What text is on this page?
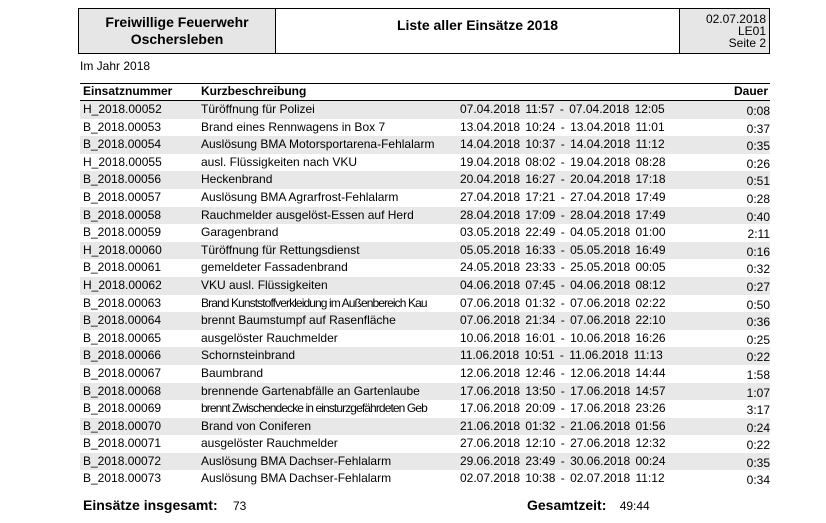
Freiwillige Feuerwehr
Oschersleben
Liste aller Einsätze 2018	02.07.2018
LE01
Seite 2
Im Jahr 2018
Einsatznummer Kurzbeschreibung	Dauer
H_2018.00052	Türöffnung für Polizei	07.04.2018 11:57 - 07.04.2018 12:05	0:08
B_2018.00053	Brand eines Rennwagens in Box 7	13.04.2018 10:24 - 13.04.2018 11:01	0:37
B_2018.00054	Auslösung BMA Motorsportarena-Fehlalarm	14.04.2018 10:37 - 14.04.2018 11:12	0:35
H_2018.00055	ausl. Flüssigkeiten nach VKU	19.04.2018 08:02 - 19.04.2018 08:28	0:26
B_2018.00056	Heckenbrand	20.04.2018 16:27 - 20.04.2018 17:18	0:51
B_2018.00057	Auslösung BMA Agrarfrost-Fehlalarm	27.04.2018 17:21 - 27.04.2018 17:49	0:28
B_2018.00058	Rauchmelder ausgelöst-Essen auf Herd	28.04.2018 17:09 - 28.04.2018 17:49	0:40
B_2018.00059	Garagenbrand	03.05.2018 22:49 - 04.05.2018 01:00	2:11
H_2018.00060	Türöffnung für Rettungsdienst	05.05.2018 16:33 - 05.05.2018 16:49	0:16
B_2018.00061	gemeldeter Fassadenbrand	24.05.2018 23:33 - 25.05.2018 00:05	0:32
H_2018.00062	VKU ausl. Flüssigkeiten	04.06.2018 07:45 - 04.06.2018 08:12	0:27
B_2018.00063	Brand Kunststoffverkleidung im Außenbereich Kau	07.06.2018 01:32 - 07.06.2018 02:22	0:50
B_2018.00064	brennt Baumstumpf auf Rasenfläche	07.06.2018 21:34 - 07.06.2018 22:10	0:36
B_2018.00065	ausgelöster Rauchmelder	10.06.2018 16:01 - 10.06.2018 16:26	0:25
B_2018.00066	Schornsteinbrand	11.06.2018 10:51 - 11.06.2018 11:13	0:22
B_2018.00067	Baumbrand	12.06.2018 12:46 - 12.06.2018 14:44	1:58
B_2018.00068	brennende Gartenabfälle an Gartenlaube	17.06.2018 13:50 - 17.06.2018 14:57	1:07
B_2018.00069	brennt Zwischendecke in einsturzgefährdeten Geb	17.06.2018 20:09 - 17.06.2018 23:26	3:17
B_2018.00070	Brand von Coniferen	21.06.2018 01:32 - 21.06.2018 01:56	0:24
B_2018.00071	ausgelöster Rauchmelder	27.06.2018 12:10 - 27.06.2018 12:32	0:22
B_2018.00072	Auslösung BMA Dachser-Fehlalarm	29.06.2018 23:49 - 30.06.2018 00:24	0:35
B_2018.00073	Auslösung BMA Dachser-Fehlalarm	02.07.2018 10:38 - 02.07.2018 11:12	0:34
Einsätze insgesamt: 73	Gesamtzeit: 49:44
